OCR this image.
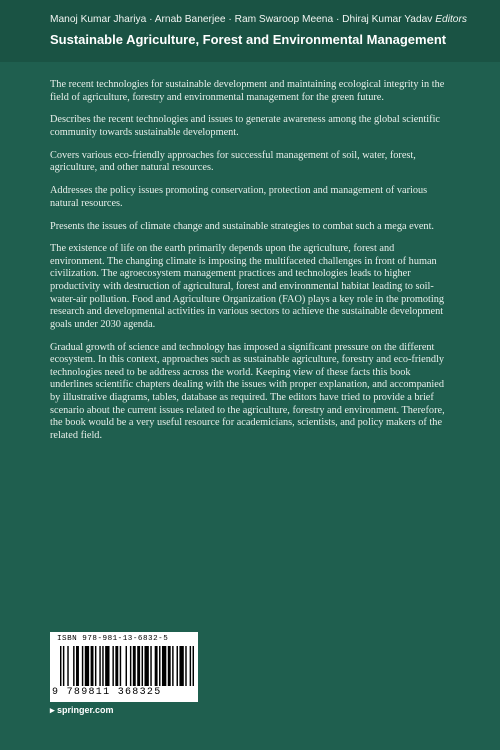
Manoj Kumar Jhariya · Arnab Banerjee · Ram Swaroop Meena · Dhiraj Kumar Yadav Editors
Sustainable Agriculture, Forest and Environmental Management

The recent technologies for sustainable development and maintaining ecological integrity in the field of agriculture, forestry and environmental management for the green future.

Describes the recent technologies and issues to generate awareness among the global scientific community towards sustainable development.

Covers various eco-friendly approaches for successful management of soil, water, forest, agriculture, and other natural resources.

Addresses the policy issues promoting conservation, protection and management of various natural resources.

Presents the issues of climate change and sustainable strategies to combat such a mega event.

The existence of life on the earth primarily depends upon the agriculture, forest and environment. The changing climate is imposing the multifaceted challenges in front of human civilization. The agroecosystem management practices and technologies leads to higher productivity with destruction of agricultural, forest and environmental habitat leading to soil-water-air pollution. Food and Agriculture Organization (FAO) plays a key role in the promoting research and developmental activities in various sectors to achieve the sustainable development goals under 2030 agenda.

Gradual growth of science and technology has imposed a significant pressure on the different ecosystem. In this context, approaches such as sustainable agriculture, forestry and eco-friendly technologies need to be address across the world. Keeping view of these facts this book underlines scientific chapters dealing with the issues with proper explanation, and accompanied by illustrative diagrams, tables, database as required. The editors have tried to provide a brief scenario about the current issues related to the agriculture, forestry and environment. Therefore, the book would be a very useful resource for academicians, scientists, and policy makers of the related field.

ISBN 978-981-13-6832-5
9 789811 368325
▸ springer.com
